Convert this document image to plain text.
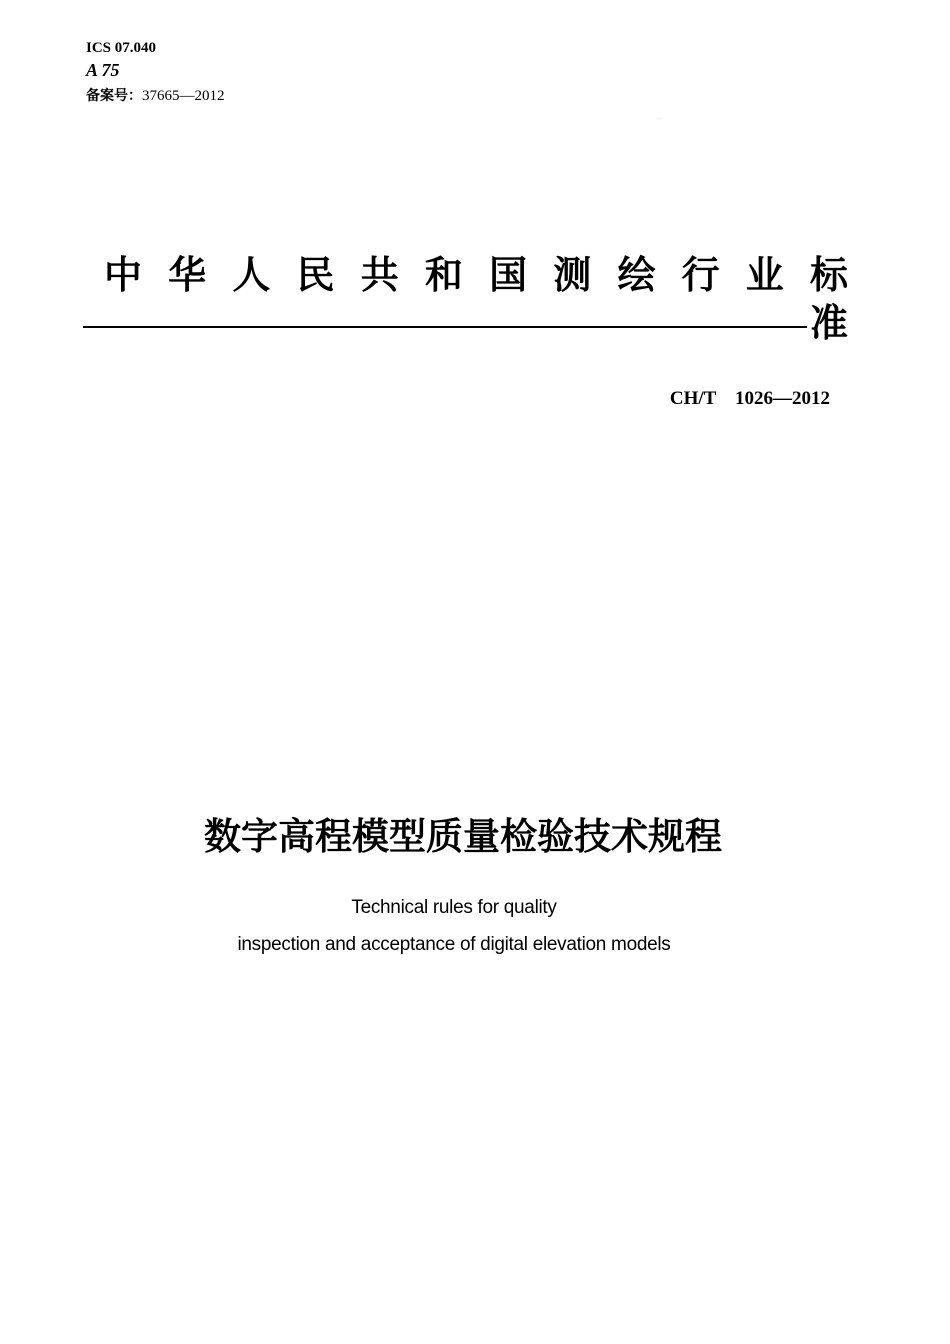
ICS 07.040
A 75
备案号：37665—2012
▪▪
中华人民共和国测绘行业标
准
CH/T    1026—2012
数字高程模型质量检验技术规程
Technical rules for quality
inspection and acceptance of digital elevation models
